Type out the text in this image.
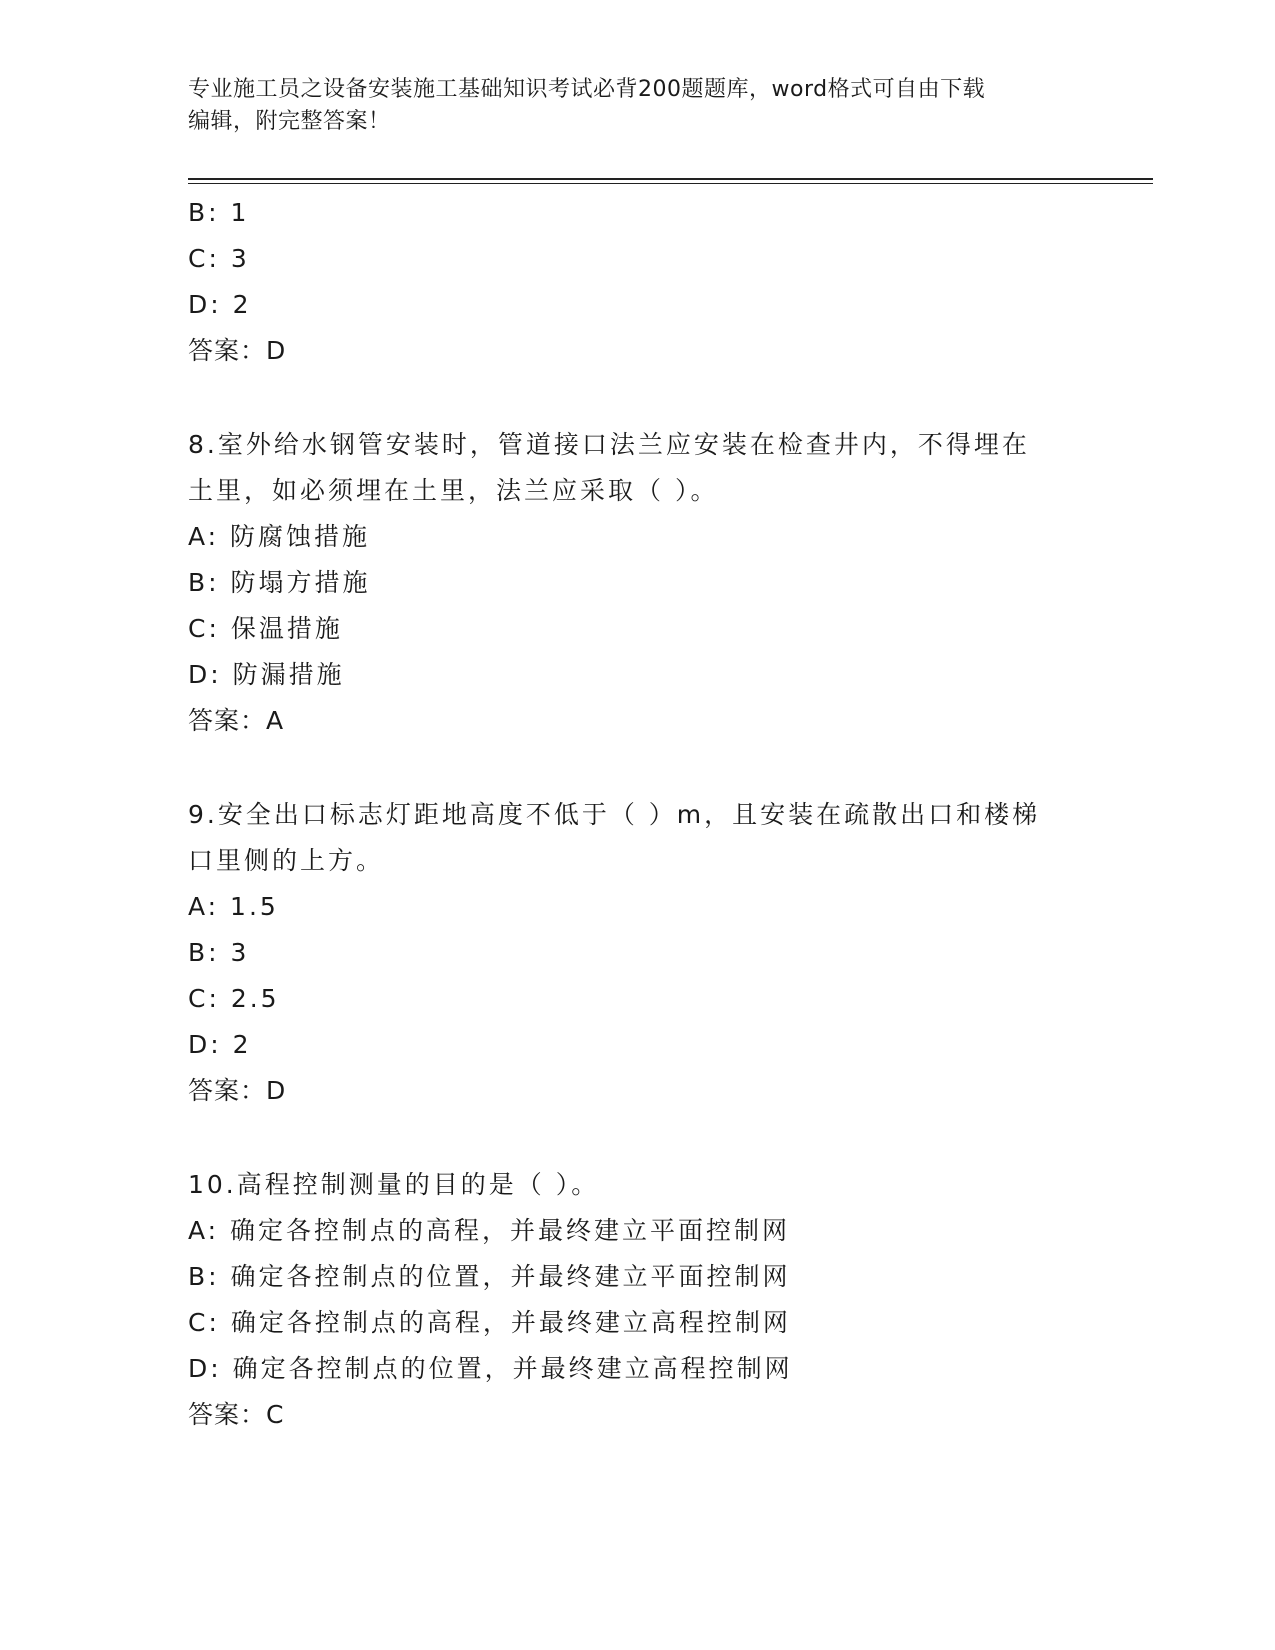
专业施工员之设备安装施工基础知识考试必背200题题库，word格式可自由下载
编辑，附完整答案！
B: 1
C: 3
D: 2
答案：D
8.室外给水钢管安装时，管道接口法兰应安装在检查井内，不得埋在
土里，如必须埋在土里，法兰应采取（ ）。
A: 防腐蚀措施
B: 防塌方措施
C: 保温措施
D: 防漏措施
答案：A
9.安全出口标志灯距地高度不低于（ ）m，且安装在疏散出口和楼梯
口里侧的上方。
A: 1.5
B: 3
C: 2.5
D: 2
答案：D
10.高程控制测量的目的是（ ）。
A: 确定各控制点的高程，并最终建立平面控制网
B: 确定各控制点的位置，并最终建立平面控制网
C: 确定各控制点的高程，并最终建立高程控制网
D: 确定各控制点的位置，并最终建立高程控制网
答案：C
